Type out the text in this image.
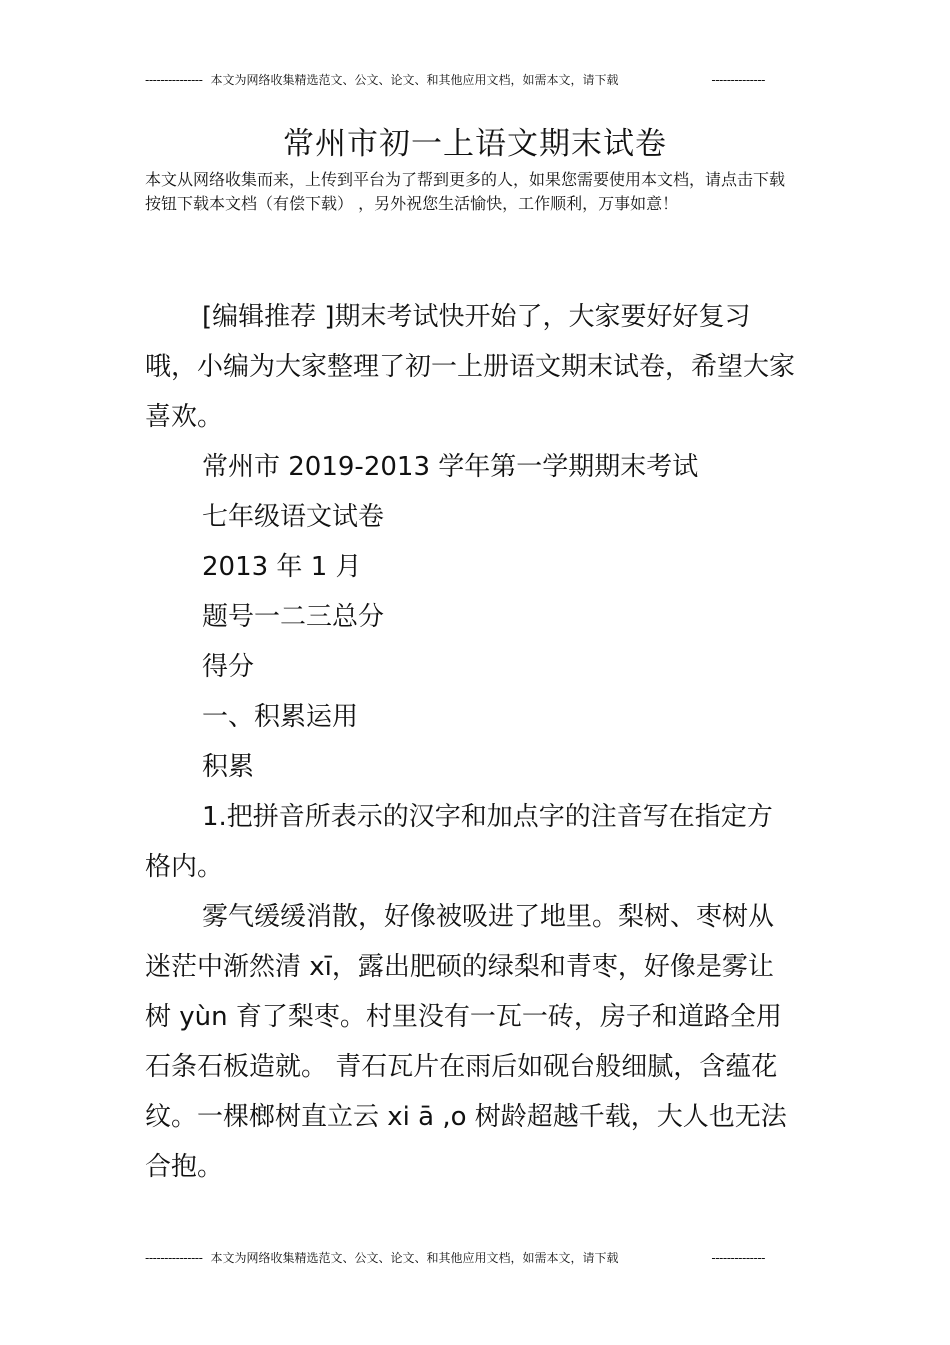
--------------- 本文为网络收集精选范文、公文、论文、和其他应用文档，如需本文，请下载	--------------
常州市初一上语文期末试卷

本文从网络收集而来，上传到平台为了帮到更多的人，如果您需要使用本文档，请点击下载按钮下载本文档（有偿下载） ，另外祝您生活愉快，工作顺利，万事如意！

[编辑推荐 ]期末考试快开始了，大家要好好复习哦，小编为大家整理了初一上册语文期末试卷，希望大家喜欢。

常州市 2019-2013 学年第一学期期末考试

七年级语文试卷

2013 年 1 月

题号一二三总分

得分

一、积累运用

积累

1.把拼音所表示的汉字和加点字的注音写在指定方格内。

雾气缓缓消散，好像被吸进了地里。梨树、枣树从迷茫中渐然清 xī，露出肥硕的绿梨和青枣，好像是雾让树 yùn 育了梨枣。村里没有一瓦一砖，房子和道路全用石条石板造就。 青石瓦片在雨后如砚台般细腻，含蕴花纹。一棵榔树直立云 xi ā ,o 树龄超越千载，大人也无法合抱。

--------------- 本文为网络收集精选范文、公文、论文、和其他应用文档，如需本文，请下载	--------------
